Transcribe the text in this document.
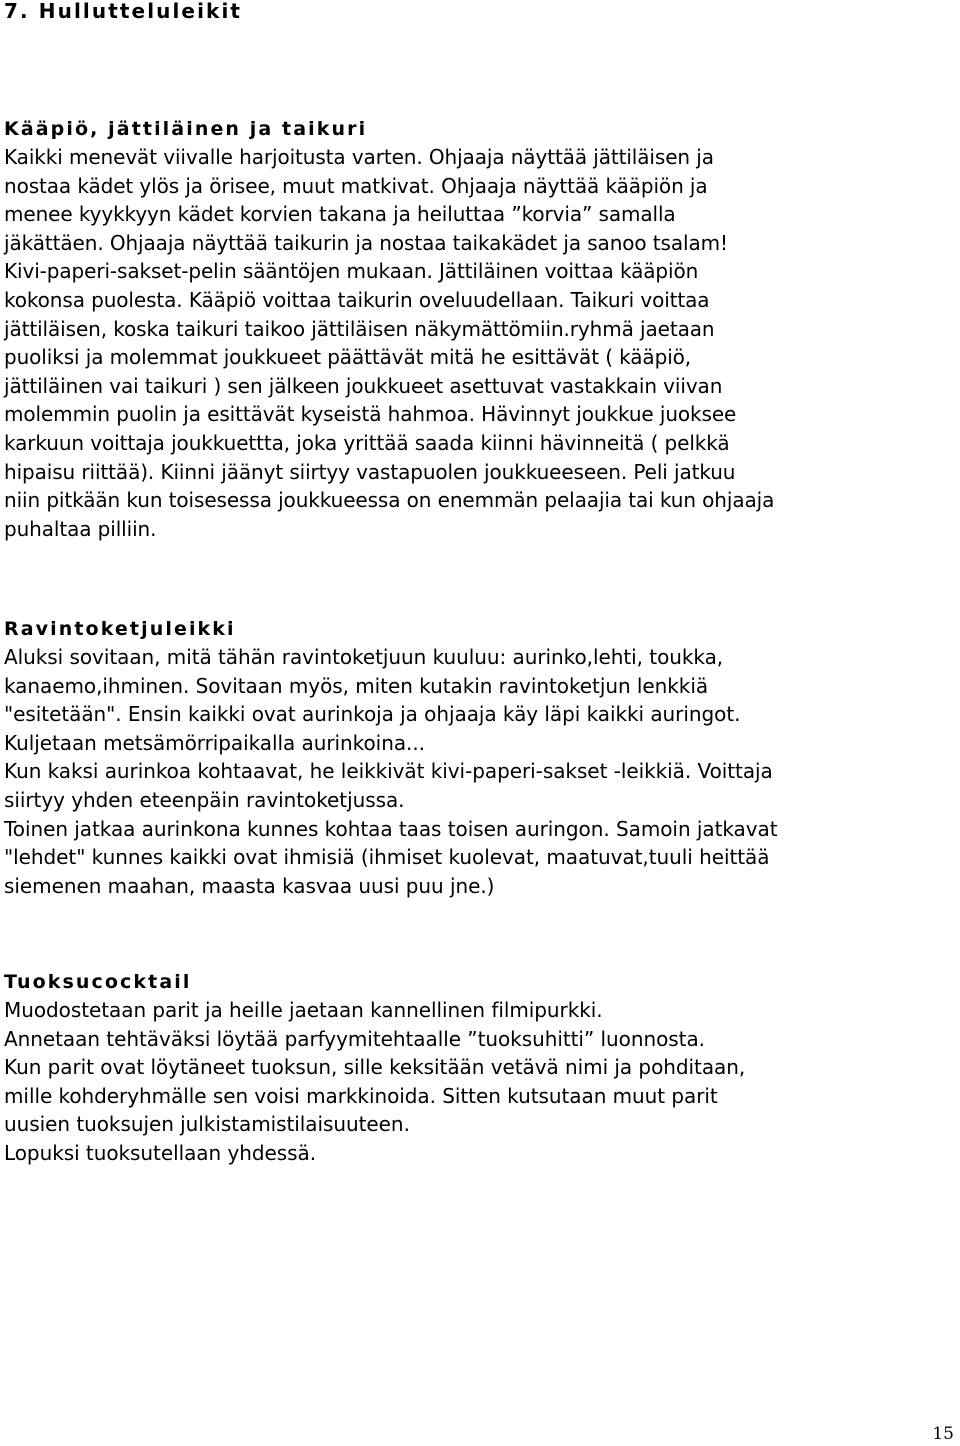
7. Hullutteluleikit
Kääpiö, jättiläinen ja taikuri
Kaikki menevät viivalle harjoitusta varten. Ohjaaja näyttää jättiläisen ja
nostaa kädet ylös ja örisee, muut matkivat. Ohjaaja näyttää kääpiön ja
menee kyykkyyn kädet korvien takana ja heiluttaa ”korvia” samalla
jäkättäen. Ohjaaja näyttää taikurin ja nostaa taikakädet ja sanoo tsalam!
Kivi-paperi-sakset-pelin sääntöjen mukaan. Jättiläinen voittaa kääpiön
kokonsa puolesta. Kääpiö voittaa taikurin oveluudellaan. Taikuri voittaa
jättiläisen, koska taikuri taikoo jättiläisen näkymättömiin.ryhmä jaetaan
puoliksi ja molemmat joukkueet päättävät mitä he esittävät ( kääpiö,
jättiläinen vai taikuri ) sen jälkeen joukkueet asettuvat vastakkain viivan
molemmin puolin ja esittävät kyseistä hahmoa. Hävinnyt joukkue juoksee
karkuun voittaja joukkuettta, joka yrittää saada kiinni hävinneitä ( pelkkä
hipaisu riittää). Kiinni jäänyt siirtyy vastapuolen joukkueeseen. Peli jatkuu
niin pitkään kun toisesessa joukkueessa on enemmän pelaajia tai kun ohjaaja
puhaltaa pilliin.
Ravintoketjuleikki
Aluksi sovitaan, mitä tähän ravintoketjuun kuuluu: aurinko,lehti, toukka,
kanaemo,ihminen. Sovitaan myös, miten kutakin ravintoketjun lenkkiä
"esitetään". Ensin kaikki ovat aurinkoja ja ohjaaja käy läpi kaikki auringot.
Kuljetaan metsämörripaikalla aurinkoina...
Kun kaksi aurinkoa kohtaavat, he leikkivät kivi-paperi-sakset -leikkiä. Voittaja
siirtyy yhden eteenpäin ravintoketjussa.
Toinen jatkaa aurinkona kunnes kohtaa taas toisen auringon. Samoin jatkavat
"lehdet" kunnes kaikki ovat ihmisiä (ihmiset kuolevat, maatuvat,tuuli heittää
siemenen maahan, maasta kasvaa uusi puu jne.)
Tuoksucocktail
Muodostetaan parit ja heille jaetaan kannellinen filmipurkki.
Annetaan tehtäväksi löytää parfyymitehtaalle ”tuoksuhitti” luonnosta.
Kun parit ovat löytäneet tuoksun, sille keksitään vetävä nimi ja pohditaan,
mille kohderyhmälle sen voisi markkinoida. Sitten kutsutaan muut parit
uusien tuoksujen julkistamistilaisuuteen.
Lopuksi tuoksutellaan yhdessä.
15
